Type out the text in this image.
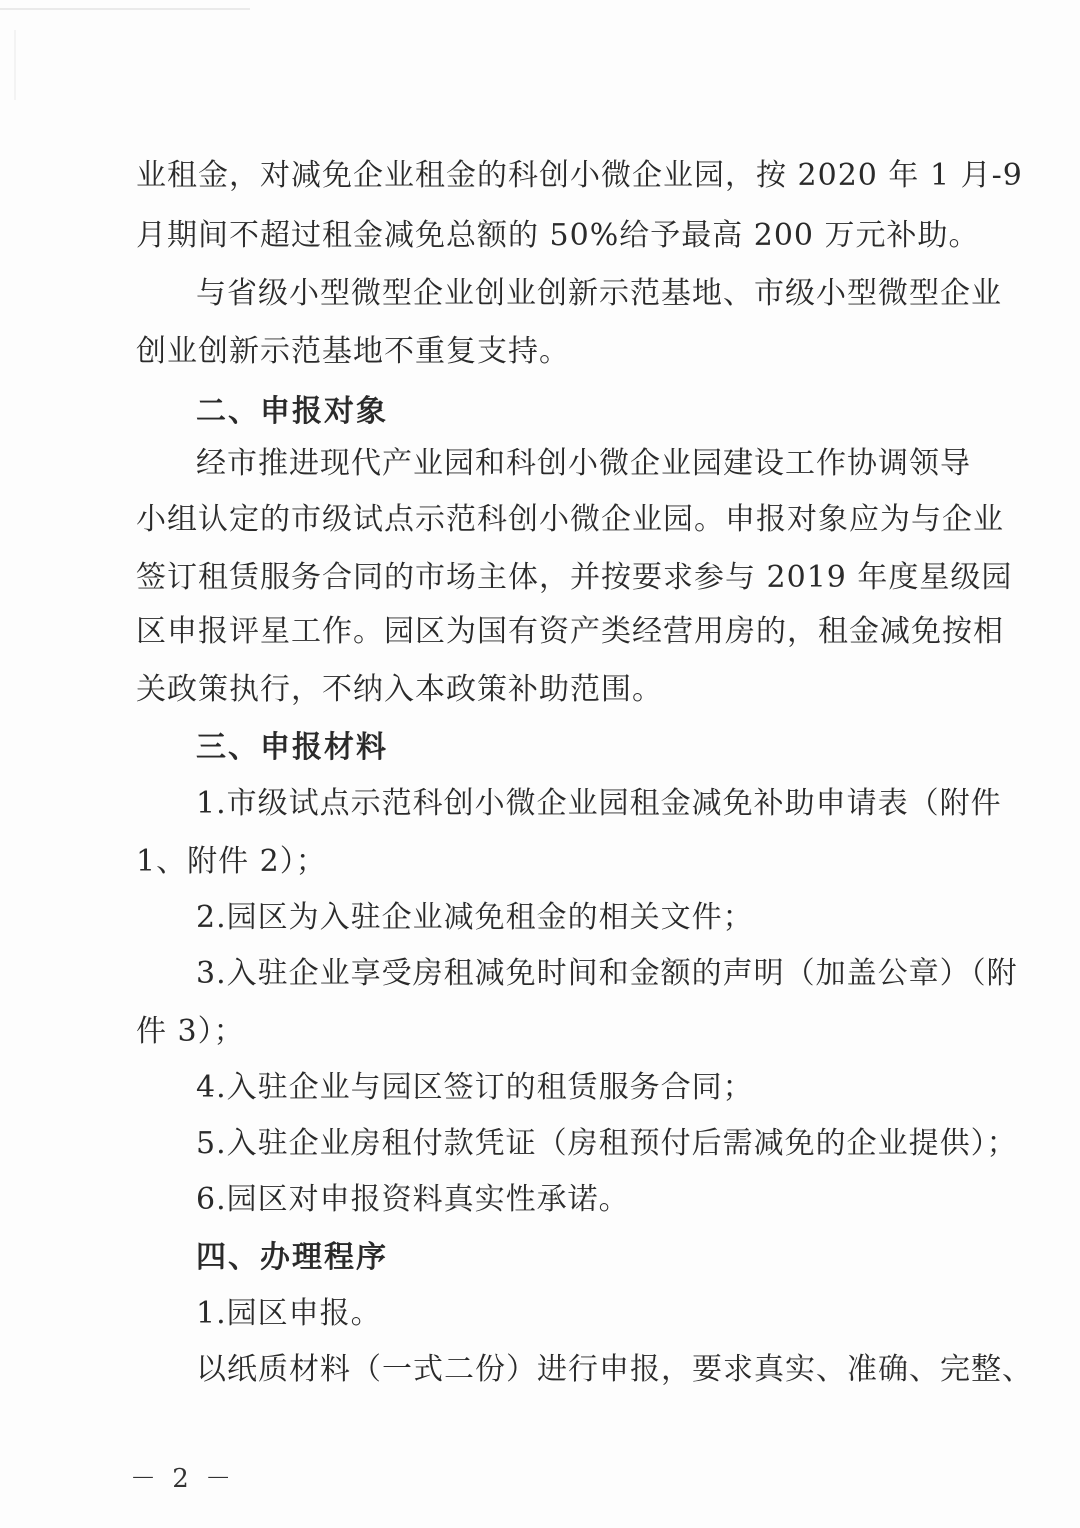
业租金，对减免企业租金的科创小微企业园，按 2020 年 1 月-9
月期间不超过租金减免总额的 50%给予最高 200 万元补助。
与省级小型微型企业创业创新示范基地、市级小型微型企业
创业创新示范基地不重复支持。
二、申报对象
经市推进现代产业园和科创小微企业园建设工作协调领导
小组认定的市级试点示范科创小微企业园。申报对象应为与企业
签订租赁服务合同的市场主体，并按要求参与 2019 年度星级园
区申报评星工作。园区为国有资产类经营用房的，租金减免按相
关政策执行，不纳入本政策补助范围。
三、申报材料
1.市级试点示范科创小微企业园租金减免补助申请表（附件
1、附件 2）；
2.园区为入驻企业减免租金的相关文件；
3.入驻企业享受房租减免时间和金额的声明（加盖公章）（附
件 3）；
4.入驻企业与园区签订的租赁服务合同；
5.入驻企业房租付款凭证（房租预付后需减免的企业提供）；
6.园区对申报资料真实性承诺。
四、办理程序
1.园区申报。
以纸质材料（一式二份）进行申报，要求真实、准确、完整、
－ 2 －
